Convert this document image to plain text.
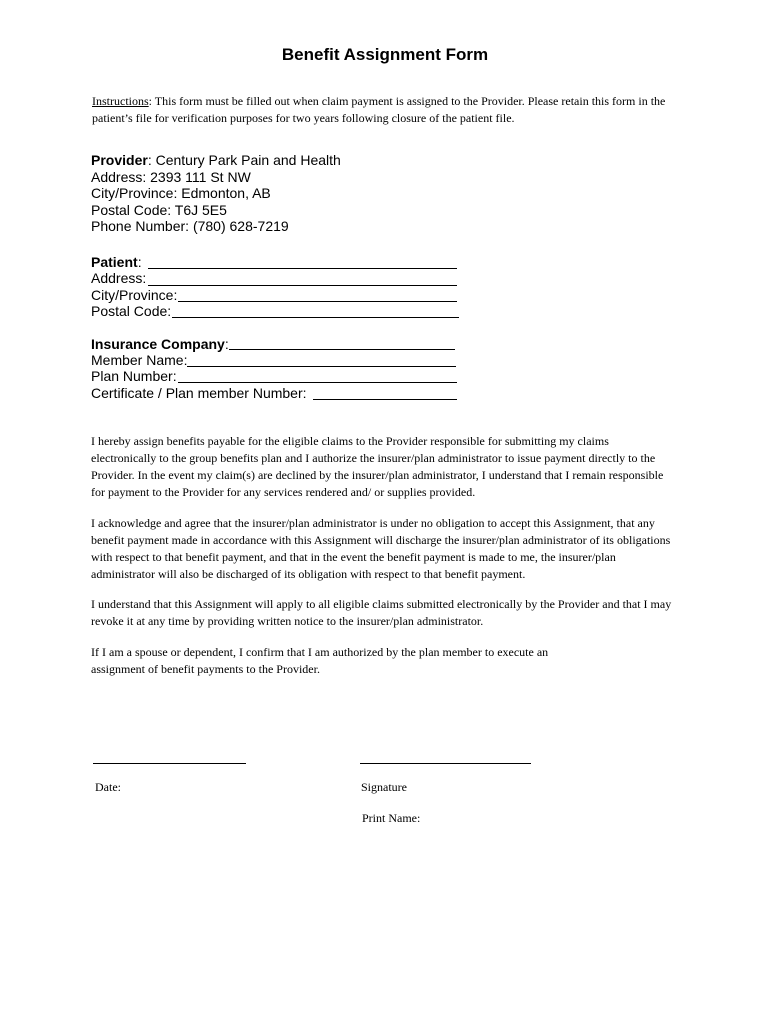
Benefit Assignment Form
Instructions: This form must be filled out when claim payment is assigned to the Provider. Please retain this form in the patient’s file for verification purposes for two years following closure of the patient file.
Provider: Century Park Pain and Health
Address: 2393 111 St NW
City/Province: Edmonton, AB
Postal Code: T6J 5E5
Phone Number: (780) 628-7219
Patient:
Address:
City/Province:
Postal Code:
Insurance Company:
Member Name:
Plan Number:
Certificate / Plan member Number:
I hereby assign benefits payable for the eligible claims to the Provider responsible for submitting my claims electronically to the group benefits plan and I authorize the insurer/plan administrator to issue payment directly to the Provider. In the event my claim(s) are declined by the insurer/plan administrator, I understand that I remain responsible for payment to the Provider for any services rendered and/ or supplies provided.
I acknowledge and agree that the insurer/plan administrator is under no obligation to accept this Assignment, that any benefit payment made in accordance with this Assignment will discharge the insurer/plan administrator of its obligations with respect to that benefit payment, and that in the event the benefit payment is made to me, the insurer/plan administrator will also be discharged of its obligation with respect to that benefit payment.
I understand that this Assignment will apply to all eligible claims submitted electronically by the Provider and that I may revoke it at any time by providing written notice to the insurer/plan administrator.
If I am a spouse or dependent, I confirm that I am authorized by the plan member to execute an assignment of benefit payments to the Provider.
Date:	Signature
Print Name:
